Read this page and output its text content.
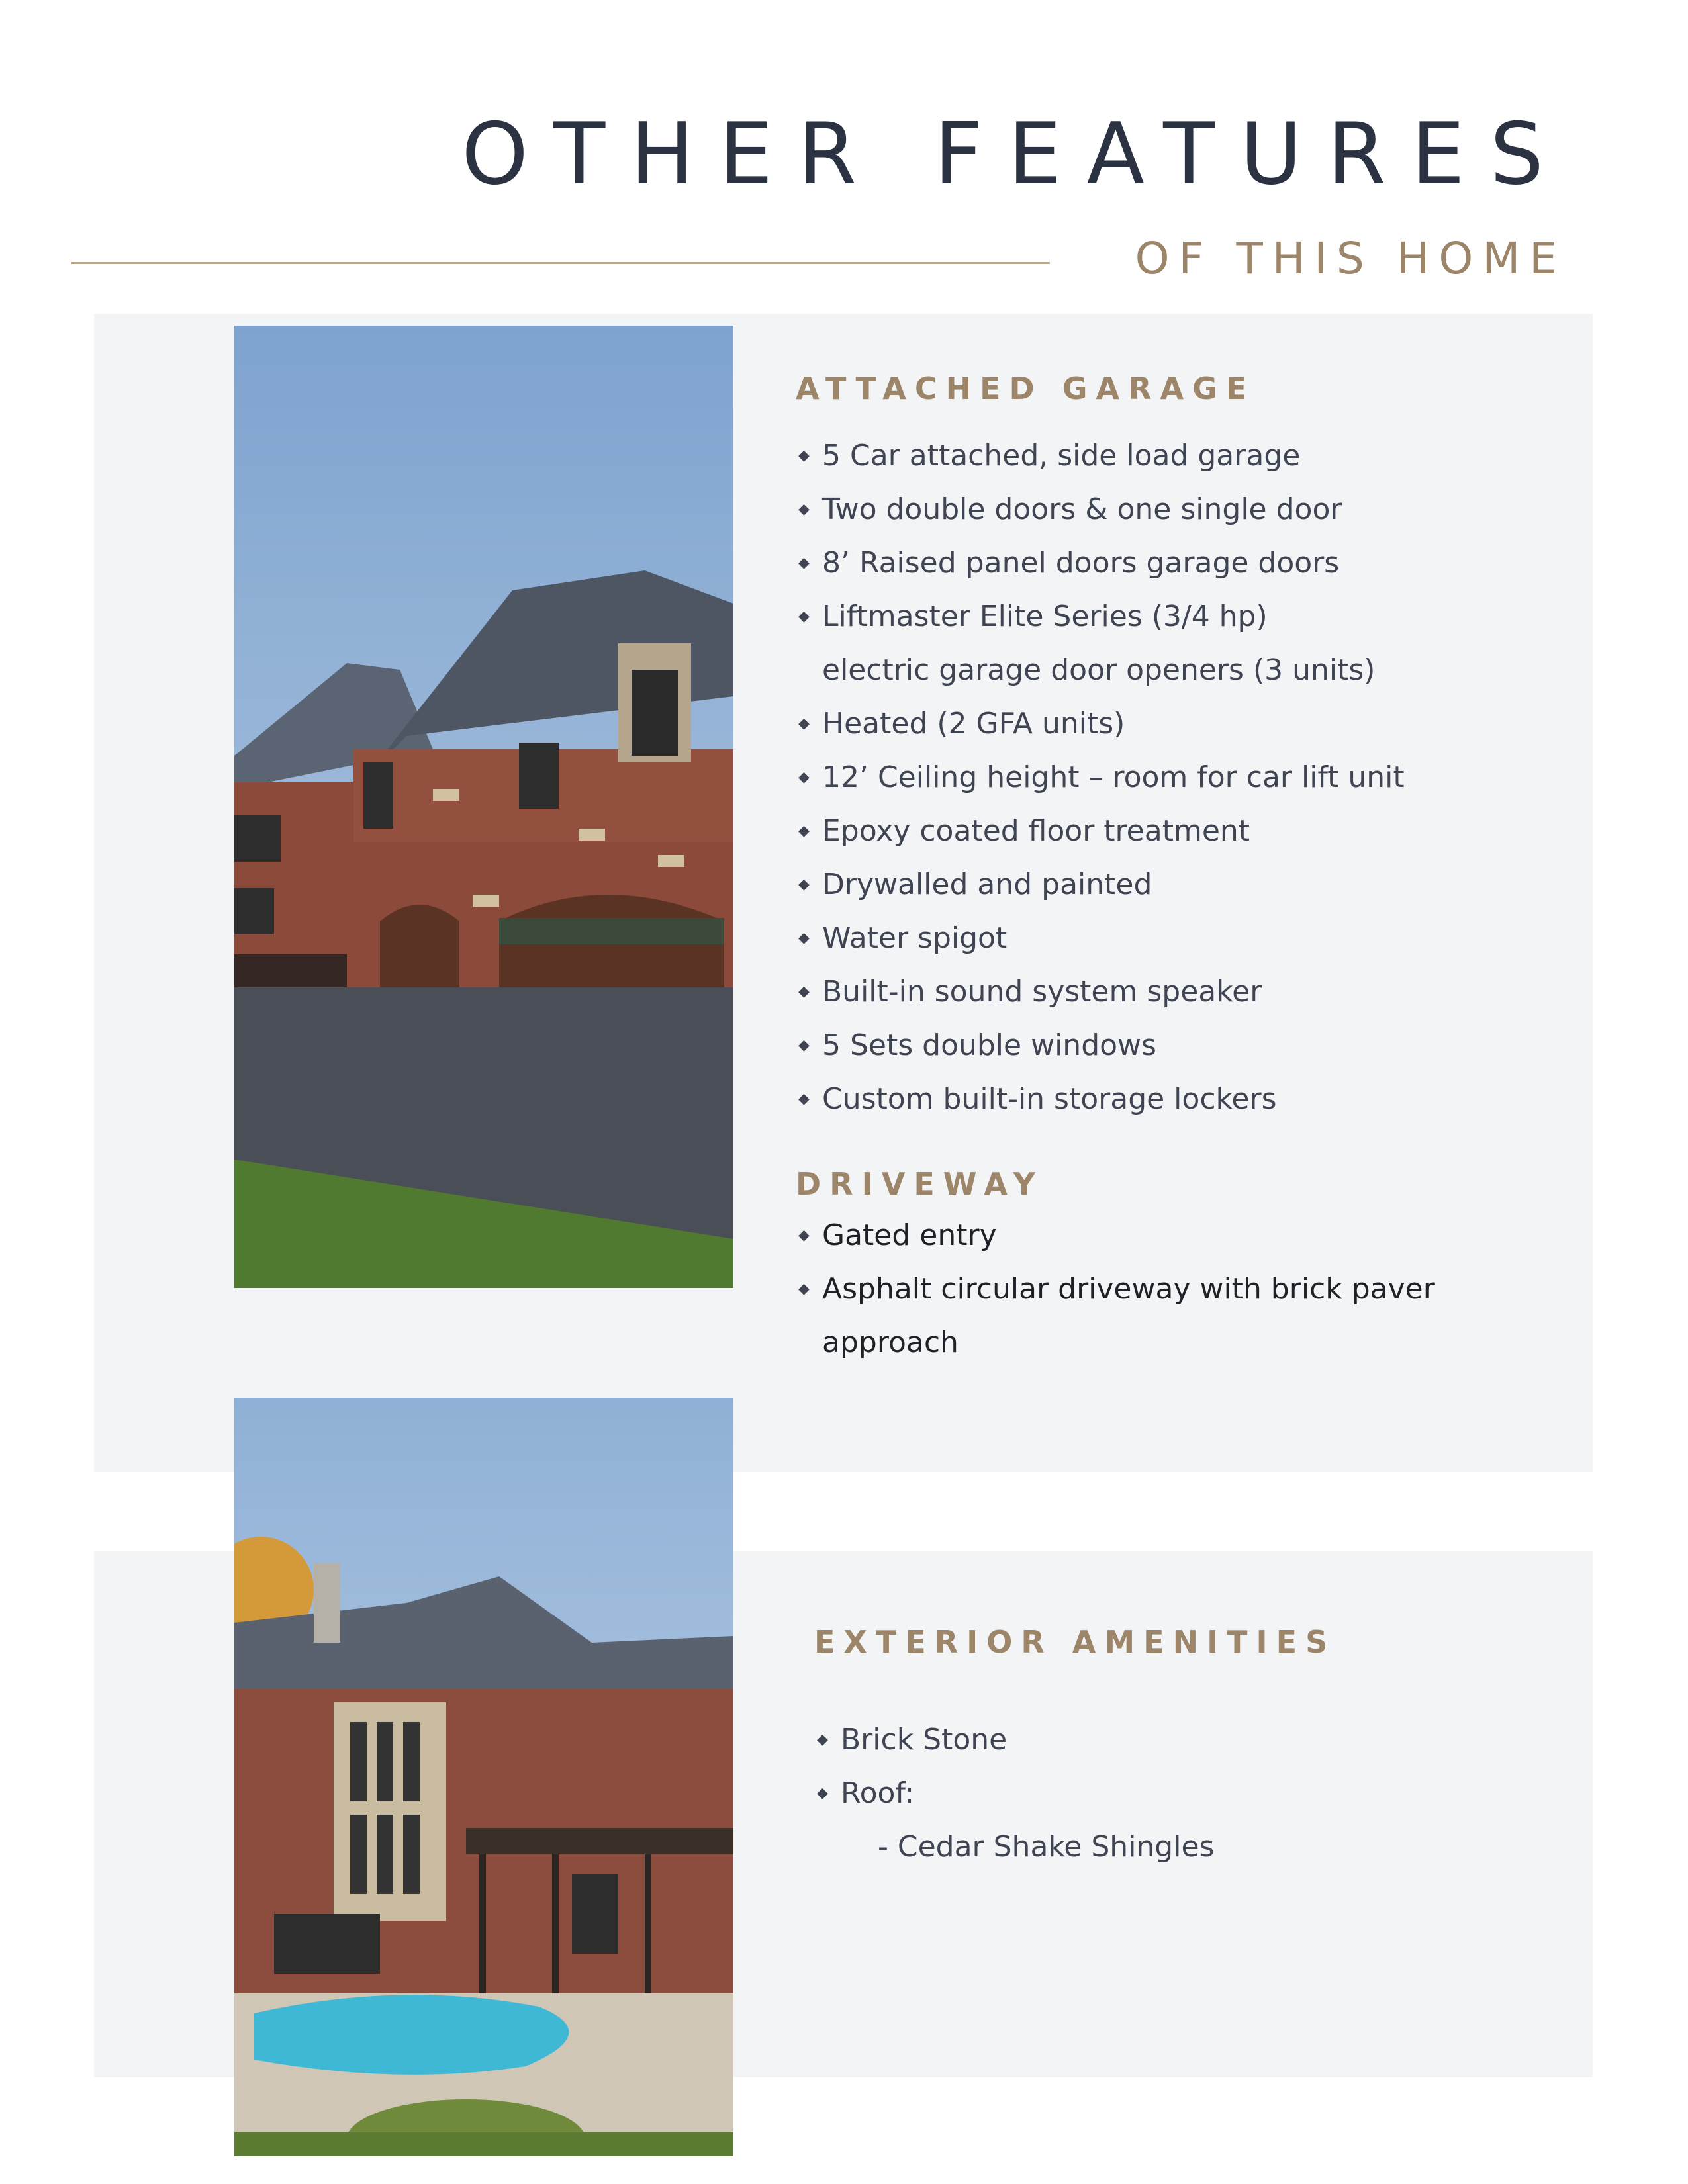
OTHER FEATURES
OF THIS HOME
ATTACHED GARAGE
◆ 5 Car attached, side load garage
◆ Two double doors & one single door
◆ 8’ Raised panel doors garage doors
◆ Liftmaster Elite Series (3/4 hp)
electric garage door openers (3 units)
◆ Heated (2 GFA units)
◆ 12’ Ceiling height – room for car lift unit
◆ Epoxy coated floor treatment
◆ Drywalled and painted
◆ Water spigot
◆ Built-in sound system speaker
◆ 5 Sets double windows
◆ Custom built-in storage lockers
DRIVEWAY
◆ Gated entry
◆ Asphalt circular driveway with brick paver
approach
EXTERIOR AMENITIES
◆ Brick Stone
◆ Roof:
- Cedar Shake Shingles
